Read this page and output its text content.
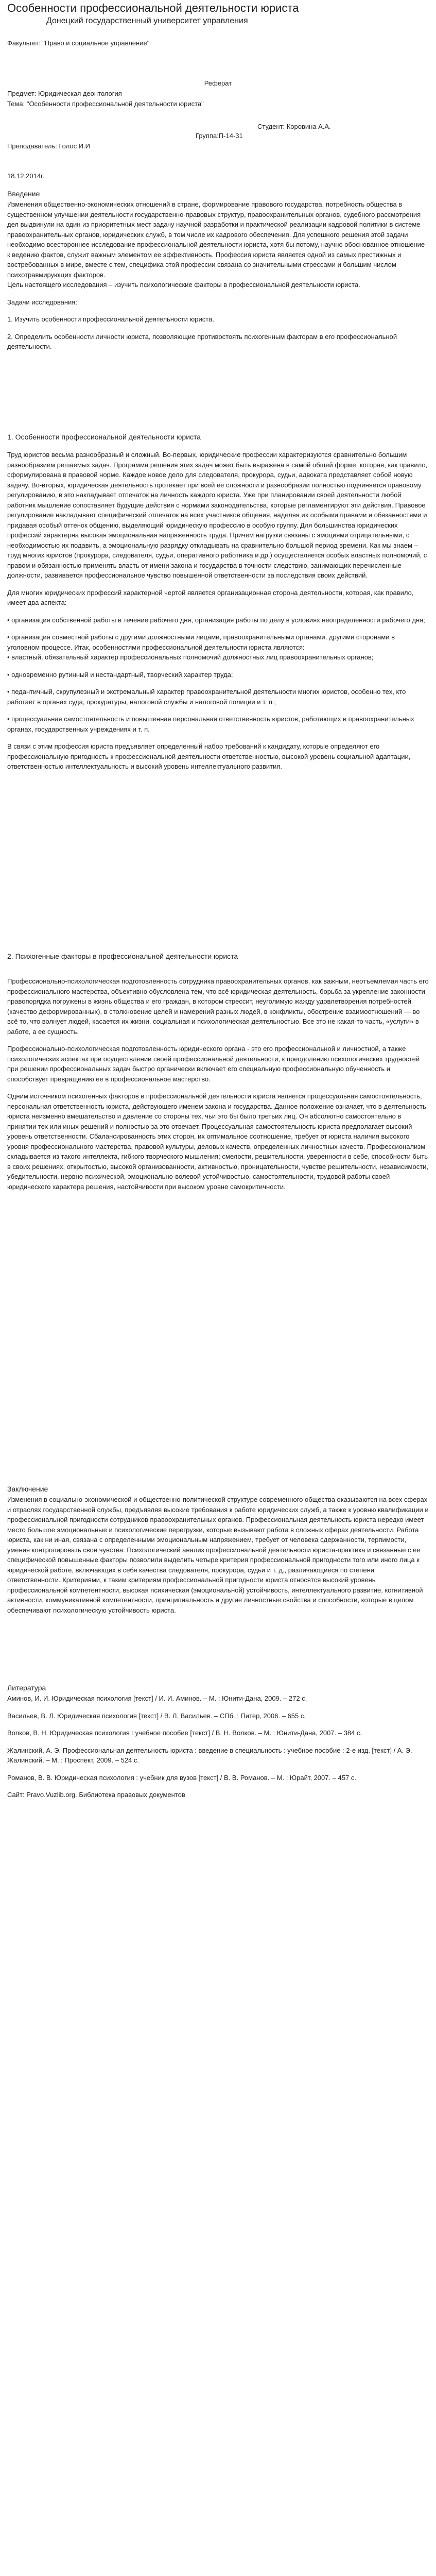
Особенности профессиональной деятельности юриста

Донецкий государственный университет управления

Факультет: "Право и социальное управление"

Реферат

Предмет: Юридическая деонтология

Тема: "Особенности профессиональной деятельности юриста"

Студент: Коровина А.А.

Группа:П-14-31

Преподаватель: Голос И.И

18.12.2014г.

Введение

Изменения общественно-экономических отношений в стране, формирование правового государства, потребность общества в существенном улучшении деятельности государственно-правовых структур, правоохранительных органов, судебного рассмотрения дел выдвинули на один из приоритетных мест задачу научной разработки и практической реализации кадровой политики в системе правоохранительных органов, юридических служб, в том числе их кадрового обеспечения. Для успешного решения этой задачи необходимо всестороннее исследование профессиональной деятельности юриста, хотя бы потому, научно обоснованное отношение к ведению фактов, служит важным элементом ее эффективность. Профессия юриста является одной из самых престижных и востребованных в мире, вместе с тем, специфика этой профессии связана со значительными стрессами и большим числом психотравмирующих факторов.

Цель настоящего исследования – изучить психологические факторы в профессиональной деятельности юриста.

Задачи исследования:

1. Изучить особенности профессиональной деятельности юриста.

2. Определить особенности личности юриста, позволяющие противостоять психогенным факторам в его профессиональной деятельности.

1. Особенности профессиональной деятельности юриста

Труд юристов весьма разнообразный и сложный. Во-первых, юридические профессии характеризуются сравнительно большим разнообразием решаемых задач. Программа решения этих задач может быть выражена в самой общей форме, которая, как правило, сформулирована в правовой норме. Каждое новое дело для следователя, прокурора, судьи, адвоката представляет собой новую задачу. Во-вторых, юридическая деятельность протекает при всей ее сложности и разнообразии полностью подчиняется правовому регулированию, в это накладывает отпечаток на личность каждого юриста. Уже при планировании своей деятельности любой работник мышление сопоставляет будущие действия с нормами законодательства, которые регламентируют эти действия. Правовое регулирование накладывает специфический отпечаток на всех участников общения, наделяя их особыми правами и обязанностями и придавая особый оттенок общению, выделяющий юридическую профессию в особую группу. Для большинства юридических профессий характерна высокая эмоциональная напряженность труда. Причем нагрузки связаны с эмоциями отрицательными, с необходимостью их подавить, а эмоциональную разрядку откладывать на сравнительно большой период времени. Как мы знаем –труд многих юристов (прокурора, следователя, судьи, оперативного работника и др.) осуществляется особых властных полномочий, с правом и обязанностью применять власть от имени закона и государства в точности следствию, занимающих перечисленные должности, развивается профессиональное чувство повышенной ответственности за последствия своих действий.

Для многих юридических профессий характерной чертой является организационная сторона деятельности, которая, как правило, имеет два аспекта:

• организация собственной работы в течение рабочего дня, организация работы по делу в условиях неопределенности рабочего дня;

• организация совместной работы с другими должностными лицами, правоохранительными органами, другими сторонами в уголовном процессе. Итак, особенностями профессиональной деятельности юриста являются:

• властный, обязательный характер профессиональных полномочий должностных лиц правоохранительных органов;

• одновременно рутинный и нестандартный, творческий характер труда;

• педантичный, скрупулезный и экстремальный характер правоохранительной деятельности многих юристов, особенно тех, кто работает в органах суда, прокуратуры, налоговой службы и налоговой полиции и т. п.;

• процессуальная самостоятельность и повышенная персональная ответственность юристов, работающих в правоохранительных органах, государственных учреждениях и т. п.

В связи с этим профессия юриста предъявляет определенный набор требований к кандидату, которые определяют его профессиональную пригодность к профессиональной деятельности ответственностью, высокой уровень социальной адаптации, ответственностью интеллектуальность и высокий уровень интеллектуального развития.

2. Психогенные факторы в профессиональной деятельности юриста

Профессионально-психологическая подготовленность сотрудника правоохранительных органов, как важным, неотъемлемая часть его профессионального мастерства, объективно обусловлена тем, что всё юридическая деятельность, борьба за укрепление законности правопорядка погружены в жизнь общества и его граждан, в котором стрессит, неуголимую жажду удовлетворения потребностей (качество деформированных), в столкновение целей и намерений разных людей, в конфликты, обострение взаимоотношений — во всё то, что волнует людей, касается их жизни, социальная и психологическая деятельностью. Все это не какая-то часть, «услуги» в работе, а ее сущность.

Профессионально-психологическая подготовленность юридического органа - это его профессиональной и личностной, а также психологических аспектах при осуществлении своей профессиональной деятельности, к преодолению психологических трудностей при решении профессиональных задач быстро органически включает его специальную профессиональную обученность и способствует превращению ее в профессиональное мастерство.

Одним источником психогенных факторов в профессиональной деятельности юриста является процессуальная самостоятельность, персональная ответственность юриста, действующего именем закона и государства. Данное положение означает, что в деятельность юриста неизменно вмешательство и давление со стороны тех, чьи это бы было третьих лиц. Он абсолютно самостоятельно в принятии тех или иных решений и полностью за это отвечает. Процессуальная самостоятельность юриста предполагает высокий уровень ответственности. Сбалансированность этих сторон, их оптимальное соотношение, требует от юриста наличия высокого уровня профессионального мастерства, правовой культуры, деловых качеств, определенных личностных качеств. Профессионализм складывается из такого интеллекта, гибкого творческого мышления; смелости, решительности, уверенности в себе, способности быть в своих решениях, открытостью, высокой организованности, активностью, проницательности, чувстве решительности, независимости, убедительности, нервно-психической, эмоционально-волевой устойчивостью, самостоятельности, трудовой работы своей юридического характера решения, настойчивости при высоком уровне самокритичности.

Заключение

Изменения в социально-экономической и общественно-политической структуре современного общества оказываются на всех сферах и отраслях государственной службы, предъявляя высокие требования к работе юридических служб, а также к уровню квалификации и профессиональной пригодности сотрудников правоохранительных органов. Профессиональная деятельность юриста нередко имеет место большое эмоциональные и психологические перегрузки, которые вызывают работа в сложных сферах деятельности. Работа юриста, как ни иная, связана с определенными эмоциональным напряжением, требует от человека сдержанности, терпимости, умения контролировать свои чувства. Психологический анализ профессиональной деятельности юриста-практика и связанные с ее специфической повышенные факторы позволили выделить четыре критерия профессиональной пригодности того или иного лица к юридической работе, включающих в себя качества следователя, прокурора, судьи и т. д., различающиеся по степени ответственности. Критериями, к таким критериям профессиональной пригодности юриста относятся высокий уровень профессиональной компетентности, высокая психическая (эмоциональной) устойчивость, интеллектуального развитие, когнитивной активности, коммуникативной компетентности, принципиальность и другие личностные свойства и способности, которые в целом обеспечивают психологическую устойчивость юриста.

Литература

Аминов, И. И. Юридическая психология [текст] / И. И. Аминов. – М. : Юнити-Дана, 2009. – 272 с.

Васильев, В. Л. Юридическая психология [текст] / В. Л. Васильев. – СПб. : Питер, 2006. – 655 с.

Волков, В. Н. Юридическая психология : учебное пособие [текст] / В. Н. Волков. – М. : Юнити-Дана, 2007. – 384 с.

Жалинский, А. Э. Профессиональная деятельность юриста : введение в специальность : учебное пособие : 2-е изд. [текст] / А. Э. Жалинский. – М. : Проспект, 2009. – 524 с.

Романов, В. В. Юридическая психология : учебник для вузов [текст] / В. В. Романов. – М. : Юрайт, 2007. – 457 с.

Сайт: Pravo.Vuzlib.org. Библиотека правовых документов
